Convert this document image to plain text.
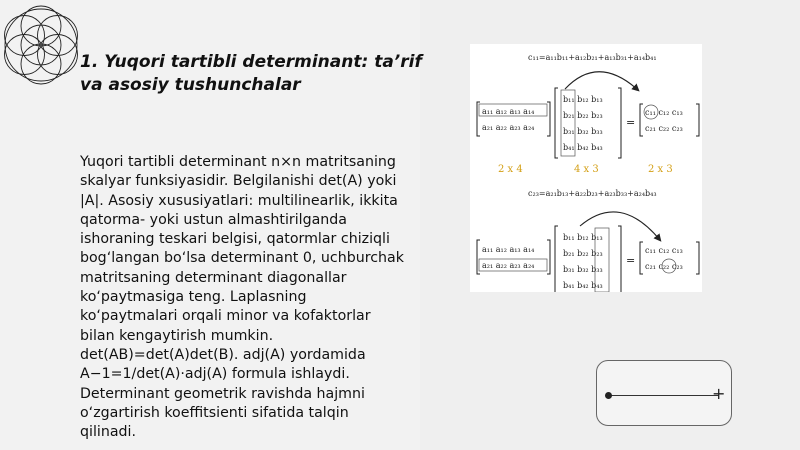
1. Yuqori tartibli determinant: ta’rif
va asosiy tushunchalar
Yuqori tartibli determinant n×n matritsaning
skalyar funksiyasidir. Belgilanishi det(A) yoki
|A|. Asosiy xususiyatlari: multilinearlik, ikkita
qatorma- yoki ustun almashtirilganda
ishoraning teskari belgisi, qatormlar chiziqli
bog‘langan bo‘lsa determinant 0, uchburchak
matritsaning determinant diagonallar
ko‘paytmasiga teng. Laplasning
ko‘paytmalari orqali minor va kofaktorlar
bilan kengaytirish mumkin.
det(AB)=det(A)det(B). adj(A) yordamida
A−1=1/det(A)·adj(A) formula ishlaydi.
Determinant geometrik ravishda hajmni
o‘zgartirish koeffitsienti sifatida talqin
qilinadi.
c₁₁=a₁₁b₁₁+a₁₂b₂₁+a₁₃b₃₁+a₁₄b₄₁
a₁₁ a₁₂ a₁₃ a₁₄
a₂₁ a₂₂ a₂₃ a₂₄
b₁₁ b₁₂ b₁₃
b₂₁ b₂₂ b₂₃
b₃₁ b₃₂ b₃₃
b₄₁ b₄₂ b₄₃
=
c₁₁ c₁₂ c₁₃
c₂₁ c₂₂ c₂₃
2 x 4	4 x 3	2 x 3
c₂₃=a₂₁b₁₃+a₂₂b₂₃+a₂₃b₃₃+a₂₄b₄₃
a₁₁ a₁₂ a₁₃ a₁₄
a₂₁ a₂₂ a₂₃ a₂₄
b₁₁ b₁₂ b₁₃
b₂₁ b₂₂ b₂₃
b₃₁ b₃₂ b₃₃
b₄₁ b₄₂ b₄₃
=
c₁₁ c₁₂ c₁₃
c₂₁ c₂₂ c₂₃
+
